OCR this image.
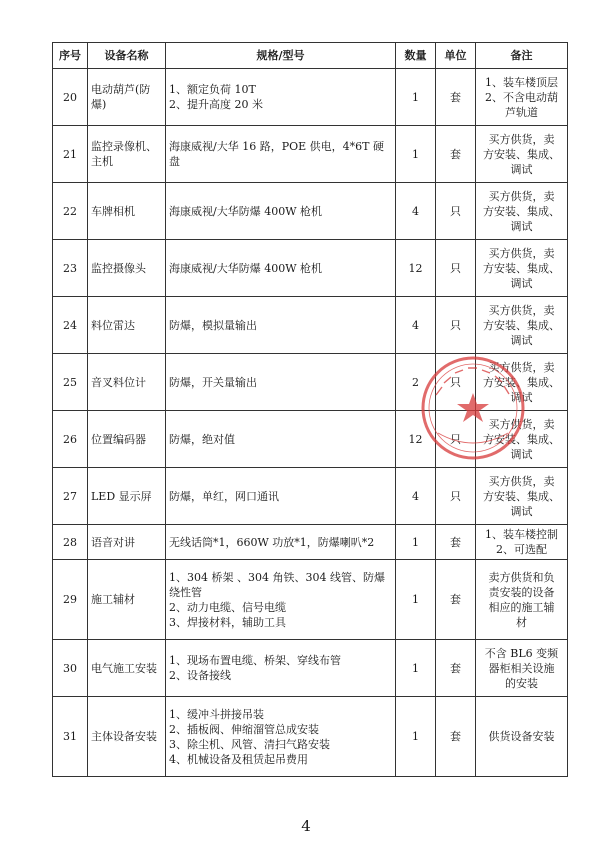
序号	设备名称	规格/型号	数量	单位	备注
20	电动葫芦(防爆)	1、额定负荷 10T
2、提升高度 20 米	1	套	1、装车楼顶层
2、不含电动葫
芦轨道

21	监控录像机、主机	海康威视/大华 16 路，POE 供电，4*6T 硬盘	1	套	买方供货，卖
方安装、集成、
调试

22	车牌相机	海康威视/大华防爆 400W 枪机	4	只	买方供货，卖
方安装、集成、
调试

23	监控摄像头	海康威视/大华防爆 400W 枪机	12	只	买方供货，卖
方安装、集成、
调试

24	料位雷达	防爆，模拟量输出	4	只	买方供货，卖
方安装、集成、
调试

25	音叉料位计	防爆，开关量输出	2	只	买方供货，卖
方安装、集成、
调试

26	位置编码器	防爆，绝对值	12	只	买方供货，卖
方安装、集成、
调试

27	LED 显示屏	防爆，单红，网口通讯	4	只	买方供货，卖
方安装、集成、
调试

28	语音对讲	无线话筒*1，660W 功放*1，防爆喇叭*2	1	套	1、装车楼控制
2、可选配

29	施工辅材	1、304 桥架 、304 角铁、304 线管、防爆
绕性管
2、动力电缆、信号电缆
3、焊接材料，辅助工具	1	套	卖方供货和负
责安装的设备
相应的施工辅
材

30	电气施工安装	1、现场布置电缆、桥架、穿线布管
2、设备接线	1	套	不含 BL6 变频
器柜相关设施
的安装

31	主体设备安装	1、缓冲斗拼接吊装
2、插板阀、伸缩溜管总成安装
3、除尘机、风管、清扫气路安装
4、机械设备及租赁起吊费用	1	套	供货设备安装
4
